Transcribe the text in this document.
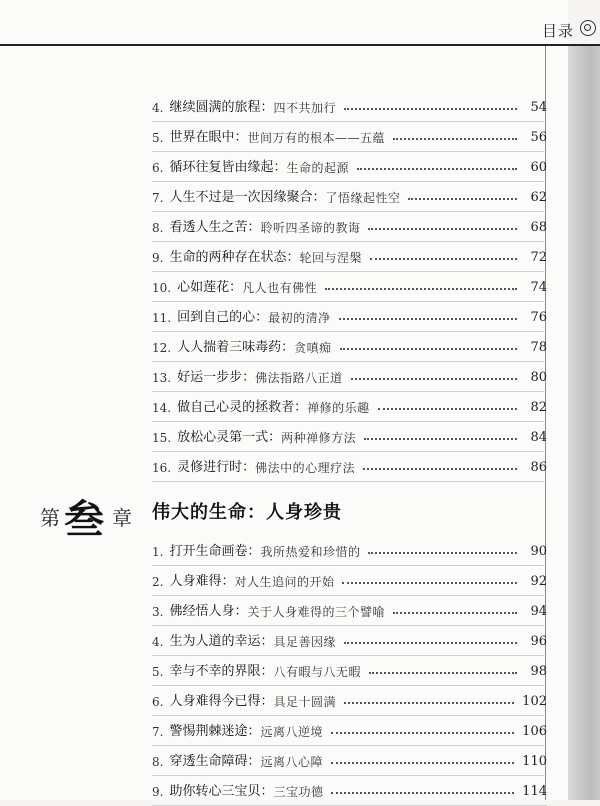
目录
4. 继续圆满的旅程： 四不共加行	54
5. 世界在眼中： 世间万有的根本——五蕴	56
6. 循环往复皆由缘起： 生命的起源	60
7. 人生不过是一次因缘聚合： 了悟缘起性空	62
8. 看透人生之苦： 聆听四圣谛的教诲	68
9. 生命的两种存在状态： 轮回与涅槃	72
10. 心如莲花： 凡人也有佛性	74
11. 回到自己的心： 最初的清净	76
12. 人人揣着三味毒药： 贪嗔痴	78
13. 好运一步步： 佛法指路八正道	80
14. 做自己心灵的拯救者： 禅修的乐趣	82
15. 放松心灵第一式： 两种禅修方法	84
16. 灵修进行时： 佛法中的心理疗法	86
第 叁 章 伟大的生命：人身珍贵
1. 打开生命画卷： 我所热爱和珍惜的	90
2. 人身难得： 对人生追问的开始	92
3. 佛经悟人身： 关于人身难得的三个譬喻	94
4. 生为人道的幸运： 具足善因缘	96
5. 幸与不幸的界限： 八有暇与八无暇	98
6. 人身难得今已得： 具足十圆满	102
7. 警惕荆棘迷途： 远离八逆境	106
8. 穿透生命障碍： 远离八心障	110
9. 助你转心三宝贝： 三宝功德	114
